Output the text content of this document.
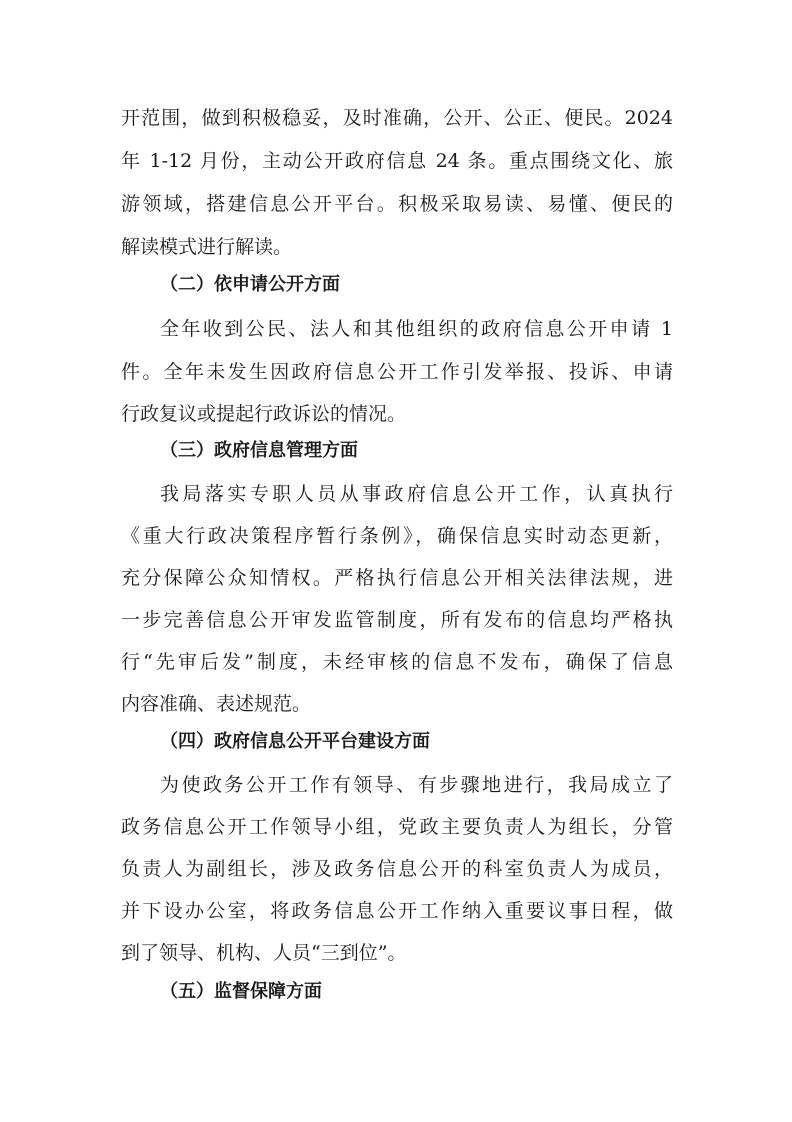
开范围，做到积极稳妥，及时准确，公开、公正、便民。2024
年 1-12 月份，主动公开政府信息 24 条。重点围绕文化、旅
游领域，搭建信息公开平台。积极采取易读、易懂、便民的
解读模式进行解读。
（二）依申请公开方面
全年收到公民、法人和其他组织的政府信息公开申请 1
件。全年未发生因政府信息公开工作引发举报、投诉、申请
行政复议或提起行政诉讼的情况。
（三）政府信息管理方面
我局落实专职人员从事政府信息公开工作，认真执行
《重大行政决策程序暂行条例》，确保信息实时动态更新，
充分保障公众知情权。严格执行信息公开相关法律法规，进
一步完善信息公开审发监管制度，所有发布的信息均严格执
行“先审后发”制度，未经审核的信息不发布，确保了信息
内容准确、表述规范。
（四）政府信息公开平台建设方面
为使政务公开工作有领导、有步骤地进行，我局成立了
政务信息公开工作领导小组，党政主要负责人为组长，分管
负责人为副组长，涉及政务信息公开的科室负责人为成员，
并下设办公室，将政务信息公开工作纳入重要议事日程，做
到了领导、机构、人员“三到位”。
（五）监督保障方面
